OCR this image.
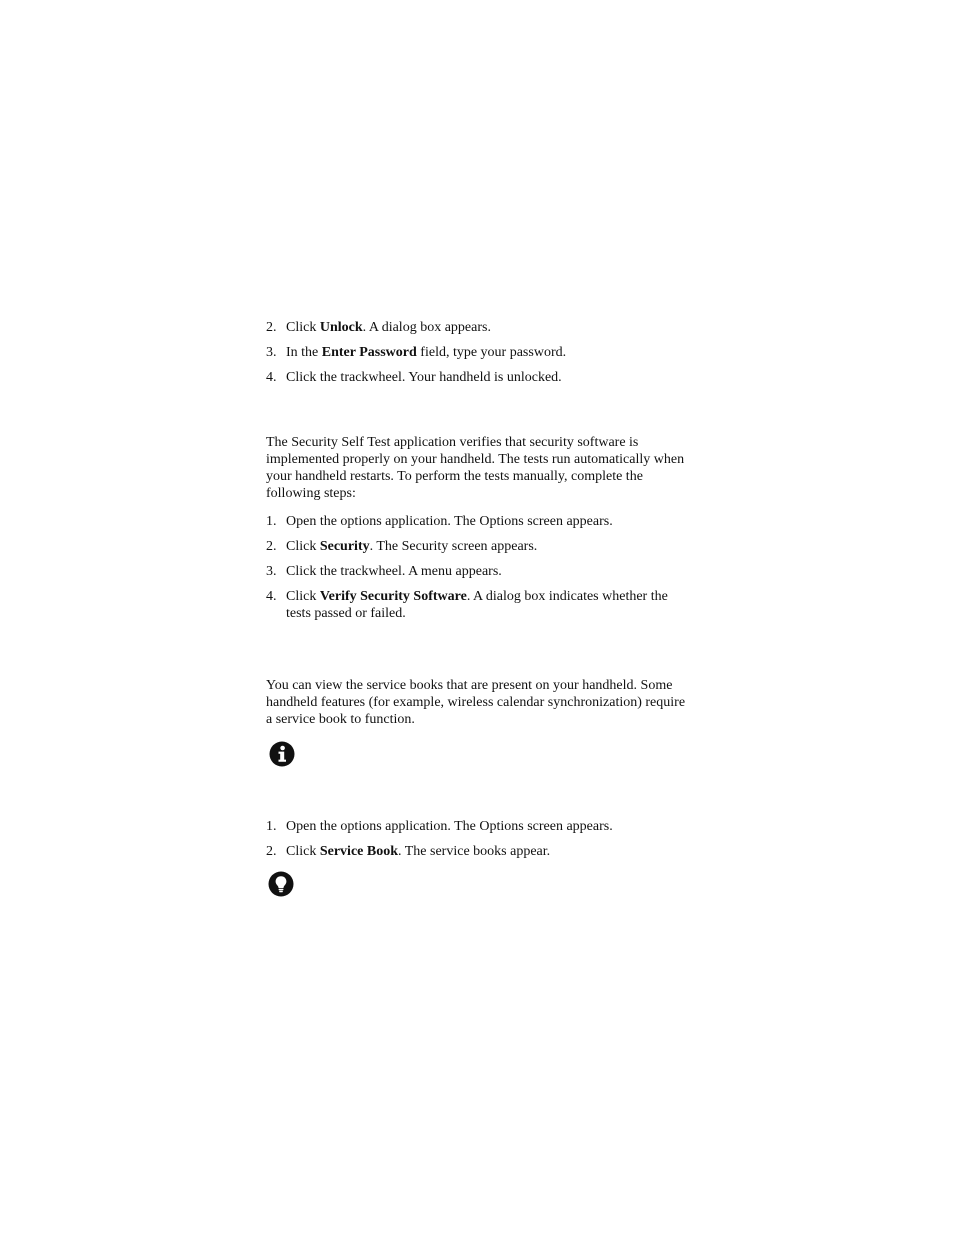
2. Click Unlock. A dialog box appears.
3. In the Enter Password field, type your password.
4. Click the trackwheel. Your handheld is unlocked.

The Security Self Test application verifies that security software is implemented properly on your handheld. The tests run automatically when your handheld restarts. To perform the tests manually, complete the following steps:

1. Open the options application. The Options screen appears.
2. Click Security. The Security screen appears.
3. Click the trackwheel. A menu appears.
4. Click Verify Security Software. A dialog box indicates whether the tests passed or failed.

You can view the service books that are present on your handheld. Some handheld features (for example, wireless calendar synchronization) require a service book to function.

1. Open the options application. The Options screen appears.
2. Click Service Book. The service books appear.
